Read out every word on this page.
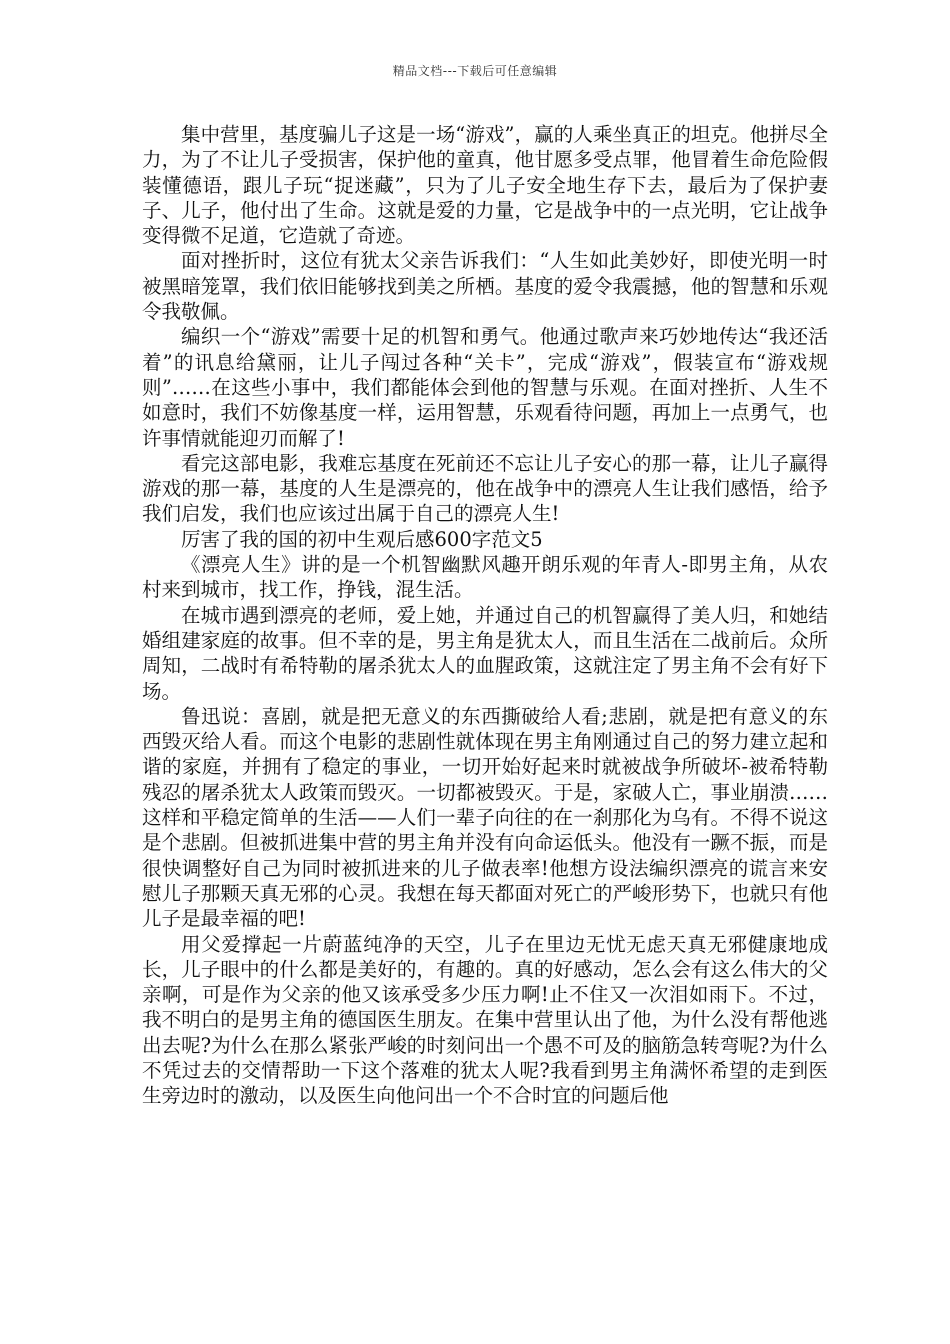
精品文档---下载后可任意编辑

集中营里，基度骗儿子这是一场“游戏”，赢的人乘坐真正的坦克。他拼尽全力，为了不让儿子受损害，保护他的童真，他甘愿多受点罪，他冒着生命危险假装懂德语，跟儿子玩“捉迷藏”，只为了儿子安全地生存下去，最后为了保护妻子、儿子，他付出了生命。这就是爱的力量，它是战争中的一点光明，它让战争变得微不足道，它造就了奇迹。

面对挫折时，这位有犹太父亲告诉我们：“人生如此美妙好，即使光明一时被黑暗笼罩，我们依旧能够找到美之所栖。基度的爱令我震撼，他的智慧和乐观令我敬佩。

编织一个“游戏”需要十足的机智和勇气。他通过歌声来巧妙地传达“我还活着”的讯息给黛丽，让儿子闯过各种“关卡”，完成“游戏”，假装宣布“游戏规则”……在这些小事中，我们都能体会到他的智慧与乐观。在面对挫折、人生不如意时，我们不妨像基度一样，运用智慧，乐观看待问题，再加上一点勇气，也许事情就能迎刃而解了!

看完这部电影，我难忘基度在死前还不忘让儿子安心的那一幕，让儿子赢得游戏的那一幕，基度的人生是漂亮的，他在战争中的漂亮人生让我们感悟，给予我们启发，我们也应该过出属于自己的漂亮人生!

厉害了我的国的初中生观后感600字范文5

《漂亮人生》讲的是一个机智幽默风趣开朗乐观的年青人-即男主角，从农村来到城市，找工作，挣钱，混生活。

在城市遇到漂亮的老师，爱上她，并通过自己的机智赢得了美人归，和她结婚组建家庭的故事。但不幸的是，男主角是犹太人，而且生活在二战前后。众所周知，二战时有希特勒的屠杀犹太人的血腥政策，这就注定了男主角不会有好下场。

鲁迅说：喜剧，就是把无意义的东西撕破给人看;悲剧，就是把有意义的东西毁灭给人看。而这个电影的悲剧性就体现在男主角刚通过自己的努力建立起和谐的家庭，并拥有了稳定的事业，一切开始好起来时就被战争所破坏-被希特勒残忍的屠杀犹太人政策而毁灭。一切都被毁灭。于是，家破人亡，事业崩溃……这样和平稳定简单的生活——人们一辈子向往的在一刹那化为乌有。不得不说这是个悲剧。但被抓进集中营的男主角并没有向命运低头。他没有一蹶不振，而是很快调整好自己为同时被抓进来的儿子做表率!他想方设法编织漂亮的谎言来安慰儿子那颗天真无邪的心灵。我想在每天都面对死亡的严峻形势下，也就只有他儿子是最幸福的吧!

用父爱撑起一片蔚蓝纯净的天空，儿子在里边无忧无虑天真无邪健康地成长，儿子眼中的什么都是美好的，有趣的。真的好感动，怎么会有这么伟大的父亲啊，可是作为父亲的他又该承受多少压力啊!止不住又一次泪如雨下。不过，我不明白的是男主角的德国医生朋友。在集中营里认出了他，为什么没有帮他逃出去呢?为什么在那么紧张严峻的时刻问出一个愚不可及的脑筋急转弯呢?为什么不凭过去的交情帮助一下这个落难的犹太人呢?我看到男主角满怀希望的走到医生旁边时的激动，以及医生向他问出一个不合时宜的问题后他
